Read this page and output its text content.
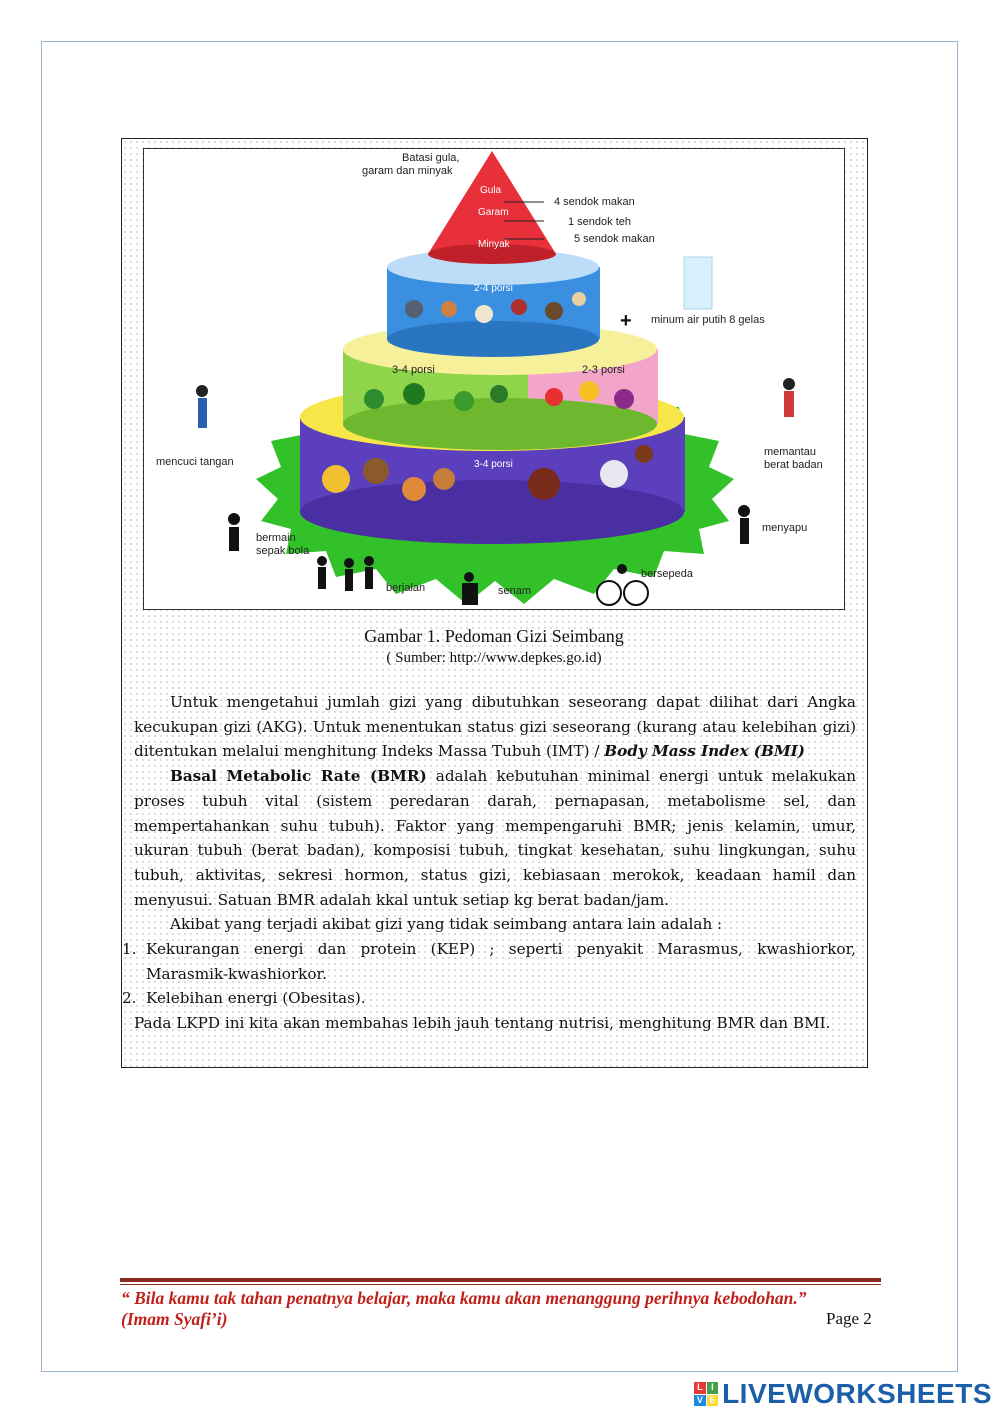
3-4 porsi
3-4 porsi	2-3 porsi
2-4 porsi
Gula
Garam
Minyak
Batasi gula, garam dan minyak
4 sendok makan
1 sendok teh
5 sendok makan
+ minum air putih 8 gelas
mencuci tangan
memantau berat badan
bermain sepak bola
menyapu
berjalan	senam
bersepeda
Gambar 1. Pedoman Gizi Seimbang
( Sumber: http://www.depkes.go.id)

Untuk mengetahui jumlah gizi yang dibutuhkan seseorang dapat dilihat dari Angka kecukupan gizi (AKG). Untuk menentukan status gizi seseorang (kurang atau kelebihan gizi) ditentukan melalui menghitung Indeks Massa Tubuh (IMT) / Body Mass Index (BMI)

Basal Metabolic Rate (BMR) adalah kebutuhan minimal energi untuk melakukan proses tubuh vital (sistem peredaran darah, pernapasan, metabolisme sel, dan mempertahankan suhu tubuh). Faktor yang mempengaruhi BMR; jenis kelamin, umur, ukuran tubuh (berat badan), komposisi tubuh, tingkat kesehatan, suhu lingkungan, suhu tubuh, aktivitas, sekresi hormon, status gizi, kebiasaan merokok, keadaan hamil dan menyusui. Satuan BMR adalah kkal untuk setiap kg berat badan/jam.

Akibat yang terjadi akibat gizi yang tidak seimbang antara lain adalah :

1. Kekurangan energi dan protein (KEP) ; seperti penyakit Marasmus, kwashiorkor, Marasmik-kwashiorkor.
2. Kelebihan energi (Obesitas).

Pada LKPD ini kita akan membahas lebih jauh tentang nutrisi, menghitung BMR dan BMI.

“ Bila kamu tak tahan penatnya belajar, maka kamu akan menanggung perihnya kebodohan.” (Imam Syafi’i)	Page 2
L I
V E LIVEWORKSHEETS
